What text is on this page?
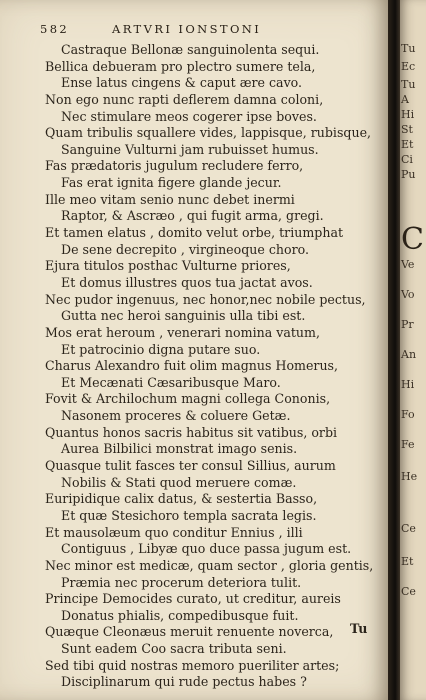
582	ARTVRI IONSTONI
Castraque Bellonæ sanguinolenta sequi.
Bellica debueram pro plectro sumere tela,
Ense latus cingens & caput ære cavo.
Non ego nunc rapti deflerem damna coloni,
Nec stimulare meos cogerer ipse boves.
Quam tribulis squallere vides, lappisque, rubisque,
Sanguine Vulturni jam rubuisset humus.
Fas prædatoris jugulum recludere ferro,
Fas erat ignita figere glande jecur.
Ille meo vitam senio nunc debet inermi
Raptor, & Ascræo , qui fugit arma, gregi.
Et tamen elatus , domito velut orbe, triumphat
De sene decrepito , virgineoque choro.
Ejura titulos posthac Vulturne priores,
Et domus illustres quos tua jactat avos.
Nec pudor ingenuus, nec honor,nec nobile pectus,
Gutta nec heroi sanguinis ulla tibi est.
Mos erat heroum , venerari nomina vatum,
Et patrocinio digna putare suo.
Charus Alexandro fuit olim magnus Homerus,
Et Mecænati Cæsaribusque Maro.
Fovit & Archilochum magni collega Cononis,
Nasonem proceres & coluere Getæ.
Quantus honos sacris habitus sit vatibus, orbi
Aurea Bilbilici monstrat imago senis.
Quasque tulit fasces ter consul Sillius, aurum
Nobilis & Stati quod meruere comæ.
Euripidique calix datus, & sestertia Basso,
Et quæ Stesichoro templa sacrata legis.
Et mausolæum quo conditur Ennius , illi
Contiguus , Libyæ quo duce passa jugum est.
Nec minor est medicæ, quam sector , gloria gentis,
Præmia nec procerum deteriora tulit.
Principe Democides curato, ut creditur, aureis
Donatus phialis, compedibusque fuit.
Quæque Cleonæus meruit renuente noverca,
Sunt eadem Coo sacra tributa seni.
Sed tibi quid nostras memoro pueriliter artes;
Disciplinarum qui rude pectus habes ?
Tu
C
Tu
Ec
Tu
A
Hi
St
Et
Ci
Pu
Ve
Vo
Pr
An
Hi
Fo
Fe
He
Ce
Et
Ce
